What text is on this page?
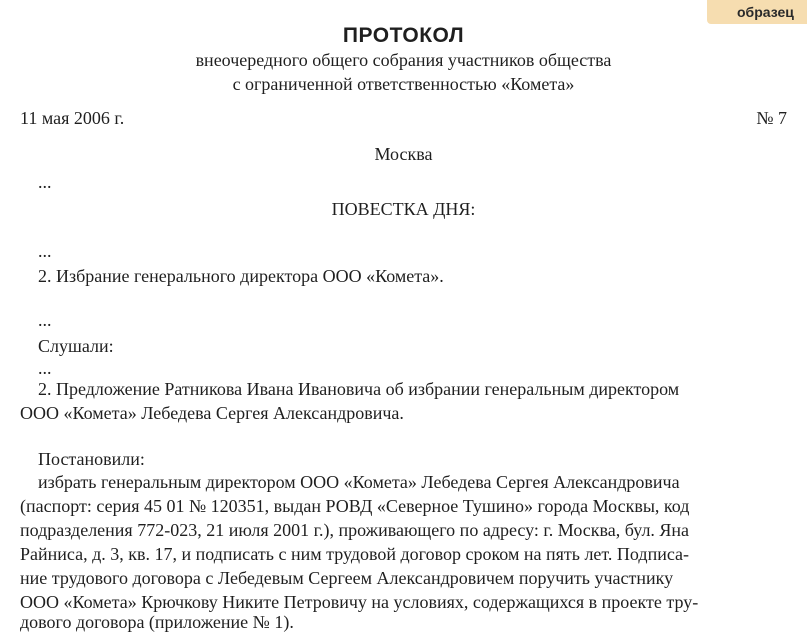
образец
ПРОТОКОЛ
внеочередного общего собрания участников общества
с ограниченной ответственностью «Комета»
11 мая 2006 г.	№ 7
Москва
...
ПОВЕСТКА ДНЯ:
...
2. Избрание генерального директора ООО «Комета».
...
Слушали:
...
2. Предложение Ратникова Ивана Ивановича об избрании генеральным директором
ООО «Комета» Лебедева Сергея Александровича.
Постановили:
избрать генеральным директором ООО «Комета» Лебедева Сергея Александровича
(паспорт: серия 45 01 № 120351, выдан РОВД «Северное Тушино» города Москвы, код
подразделения 772-023, 21 июля 2001 г.), проживающего по адресу: г. Москва, бул. Яна
Райниса, д. 3, кв. 17, и подписать с ним трудовой договор сроком на пять лет. Подписа-
ние трудового договора с Лебедевым Сергеем Александровичем поручить участнику
ООО «Комета» Крючкову Никите Петровичу на условиях, содержащихся в проекте тру-
дового договора (приложение № 1).
